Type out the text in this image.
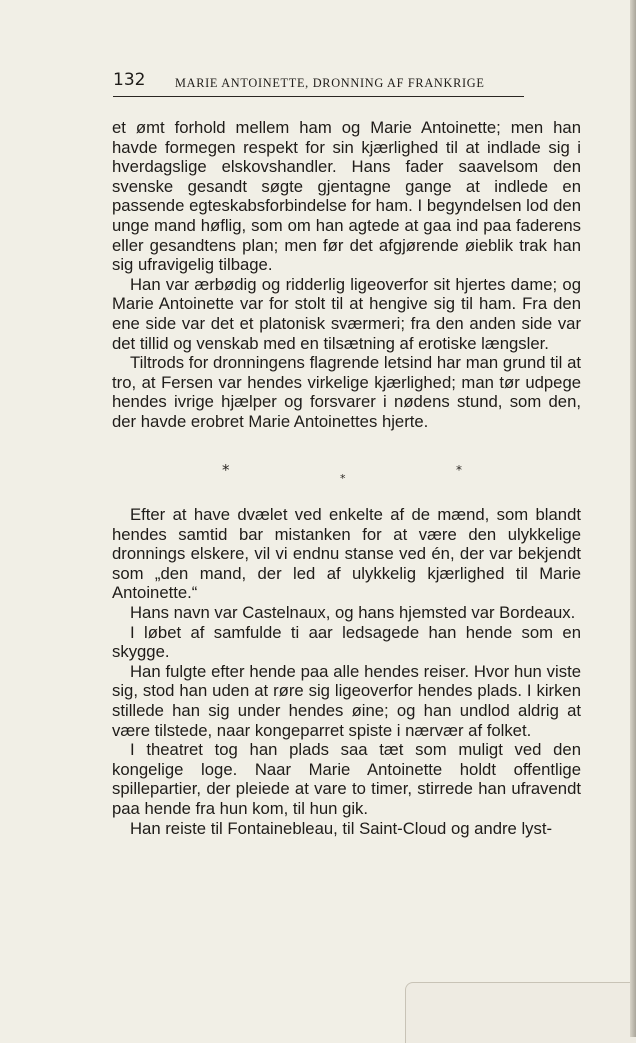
132 MARIE ANTOINETTE, DRONNING AF FRANKRIGE

et ømt forhold mellem ham og Marie Antoinette; men han havde formegen respekt for sin kjærlighed til at indlade sig i hverdagslige elskovshandler. Hans fader saavelsom den svenske gesandt søgte gjentagne gange at indlede en passende egteskabsforbindelse for ham. I begyndelsen lod den unge mand høflig, som om han agtede at gaa ind paa faderens eller gesandtens plan; men før det afgjørende øieblik trak han sig ufravigelig tilbage.

Han var ærbødig og ridderlig ligeoverfor sit hjertes dame; og Marie Antoinette var for stolt til at hengive sig til ham. Fra den ene side var det et platonisk sværmeri; fra den anden side var det tillid og venskab med en tilsætning af erotiske længsler.

Tiltrods for dronningens flagrende letsind har man grund til at tro, at Fersen var hendes virkelige kjærlighed; man tør udpege hendes ivrige hjælper og forsvarer i nødens stund, som den, der havde erobret Marie Antoinettes hjerte.

*	*
*

Efter at have dvælet ved enkelte af de mænd, som blandt hendes samtid bar mistanken for at være den ulykkelige dronnings elskere, vil vi endnu stanse ved én, der var bekjendt som „den mand, der led af ulykkelig kjærlighed til Marie Antoinette.“

Hans navn var Castelnaux, og hans hjemsted var Bordeaux.

I løbet af samfulde ti aar ledsagede han hende som en skygge.

Han fulgte efter hende paa alle hendes reiser. Hvor hun viste sig, stod han uden at røre sig ligeoverfor hendes plads. I kirken stillede han sig under hendes øine; og han undlod aldrig at være tilstede, naar kongeparret spiste i nærvær af folket.

I theatret tog han plads saa tæt som muligt ved den kongelige loge. Naar Marie Antoinette holdt offentlige spillepartier, der pleiede at vare to timer, stirrede han ufravendt paa hende fra hun kom, til hun gik.

Han reiste til Fontainebleau, til Saint-Cloud og andre lyst-
